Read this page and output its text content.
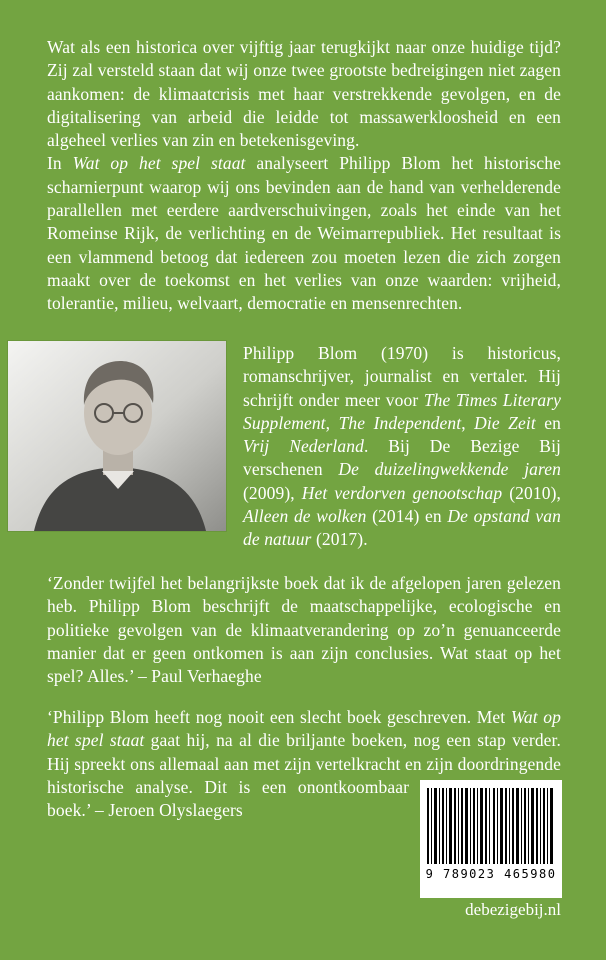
Wat als een historica over vijftig jaar terugkijkt naar onze huidige tijd? Zij zal versteld staan dat wij onze twee grootste bedreigingen niet zagen aankomen: de klimaatcrisis met haar verstrekkende gevolgen, en de digitalisering van arbeid die leidde tot massawerkloosheid en een algeheel verlies van zin en betekenisgeving.

In Wat op het spel staat analyseert Philipp Blom het historische scharnierpunt waarop wij ons bevinden aan de hand van verhelderende parallellen met eerdere aardverschuivingen, zoals het einde van het Romeinse Rijk, de verlichting en de Weimarrepubliek. Het resultaat is een vlammend betoog dat iedereen zou moeten lezen die zich zorgen maakt over de toekomst en het verlies van onze waarden: vrijheid, tolerantie, milieu, welvaart, democratie en mensenrechten.

Philipp Blom (1970) is historicus, romanschrijver, journalist en vertaler. Hij schrijft onder meer voor The Times Literary Supplement, The Independent, Die Zeit en Vrij Nederland. Bij De Bezige Bij verschenen De duizelingwekkende jaren (2009), Het verdorven genootschap (2010), Alleen de wolken (2014) en De opstand van de natuur (2017).

‘Zonder twijfel het belangrijkste boek dat ik de afgelopen jaren gelezen heb. Philipp Blom beschrijft de maatschappelijke, ecologische en politieke gevolgen van de klimaatverandering op zo’n genuanceerde manier dat er geen ontkomen is aan zijn conclusies. Wat staat op het spel? Alles.’ – Paul Verhaeghe

‘Philipp Blom heeft nog nooit een slecht boek geschreven. Met Wat op het spel staat gaat hij, na al die briljante boeken, nog een stap verder. Hij spreekt ons allemaal aan met zijn vertelkracht en zijn doordringende historische analyse. Dit is een onontkoombaar boek.’ – Jeroen Olyslaegers

9 789023 465980
debezigebij.nl
